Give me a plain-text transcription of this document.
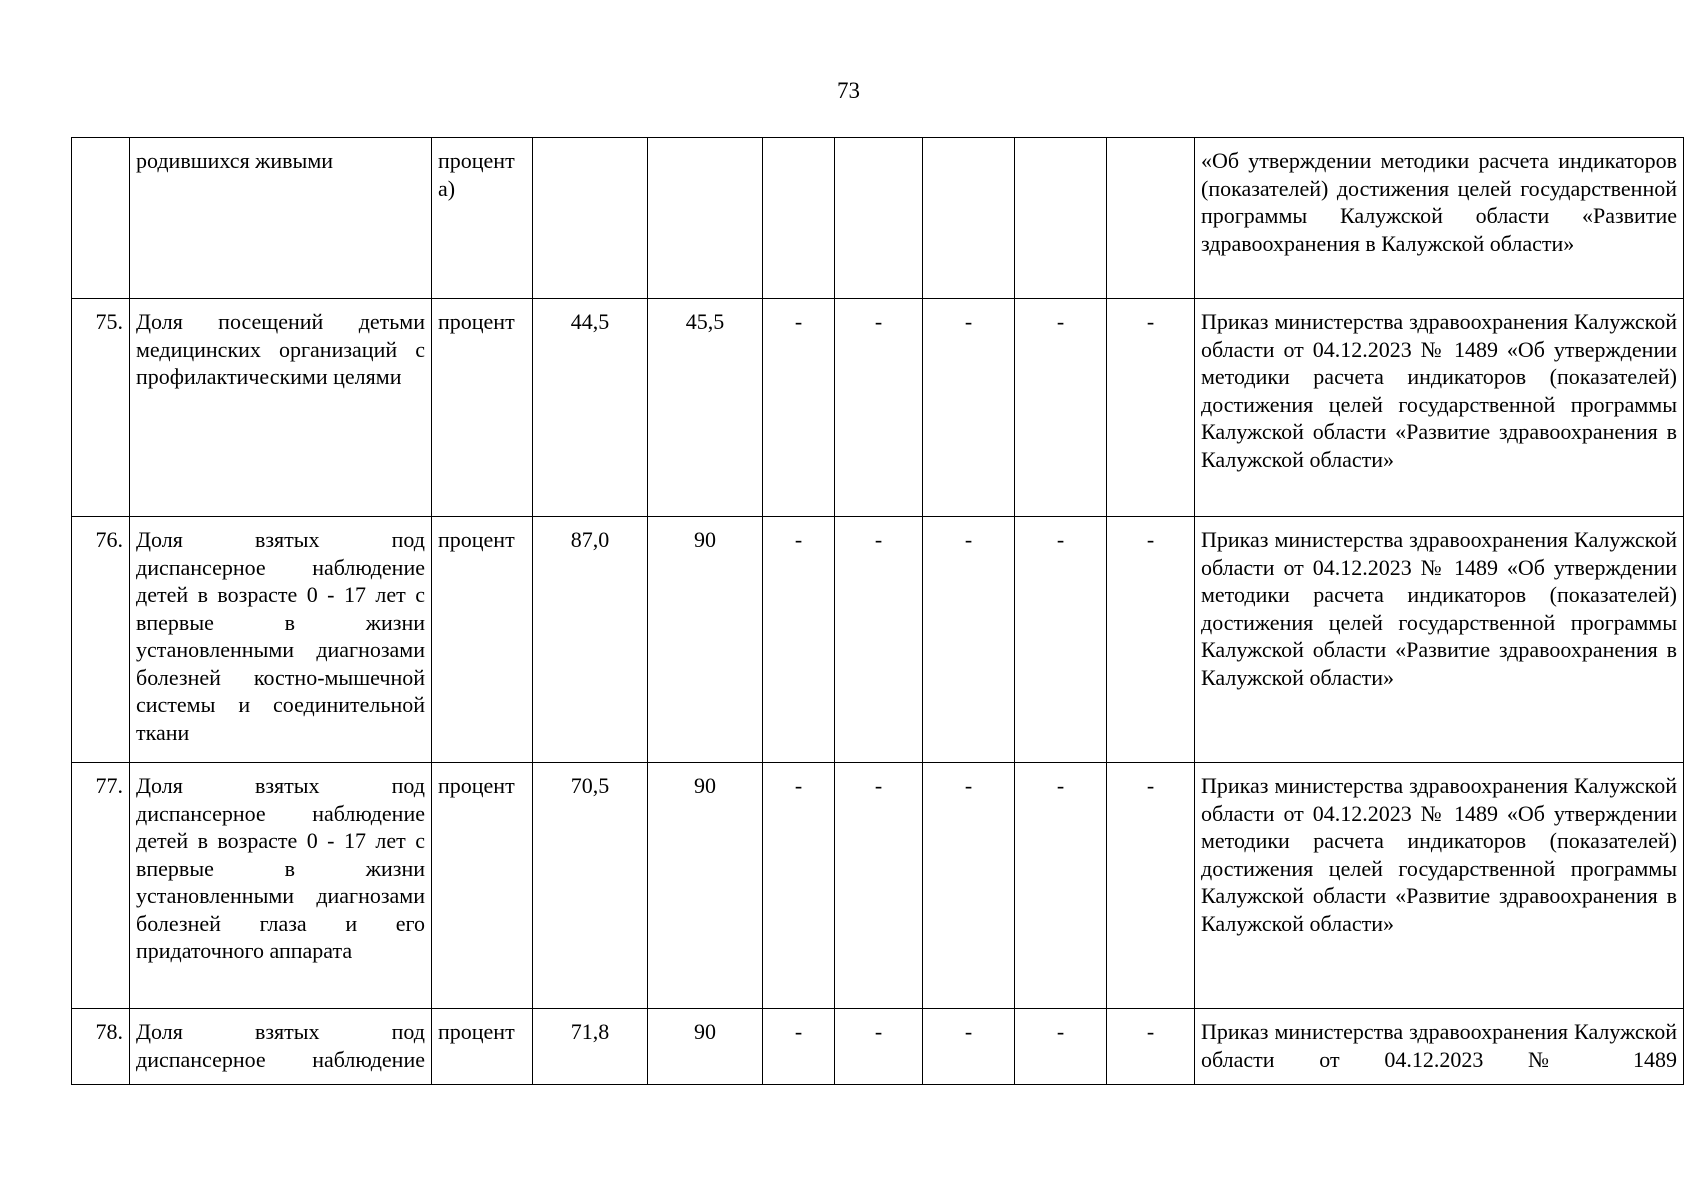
73
	родившихся живыми	процент а)								«Об утверждении методики расчета индикаторов (показателей) достижения целей государственной программы Калужской области «Развитие здравоохранения в Калужской области»
75.	Доля посещений детьми медицинских организаций с профилактическими целями	процент	44,5	45,5	-	-	-	-	-	Приказ министерства здравоохранения Калужской области от 04.12.2023 № 1489 «Об утверждении методики расчета индикаторов (показателей) достижения целей государственной программы Калужской области «Развитие здравоохранения в Калужской области»
76.	Доля взятых под диспансерное наблюдение детей в возрасте 0 - 17 лет с впервые в жизни установленными диагнозами болезней костно-мышечной системы и соединительной ткани	процент	87,0	90	-	-	-	-	-	Приказ министерства здравоохранения Калужской области от 04.12.2023 № 1489 «Об утверждении методики расчета индикаторов (показателей) достижения целей государственной программы Калужской области «Развитие здравоохранения в Калужской области»
77.	Доля взятых под диспансерное наблюдение детей в возрасте 0 - 17 лет с впервые в жизни установленными диагнозами болезней глаза и его придаточного аппарата	процент	70,5	90	-	-	-	-	-	Приказ министерства здравоохранения Калужской области от 04.12.2023 № 1489 «Об утверждении методики расчета индикаторов (показателей) достижения целей государственной программы Калужской области «Развитие здравоохранения в Калужской области»
78.	Доля взятых под диспансерное наблюдение	процент	71,8	90	-	-	-	-	-	Приказ министерства здравоохранения Калужской области от 04.12.2023 № 1489
